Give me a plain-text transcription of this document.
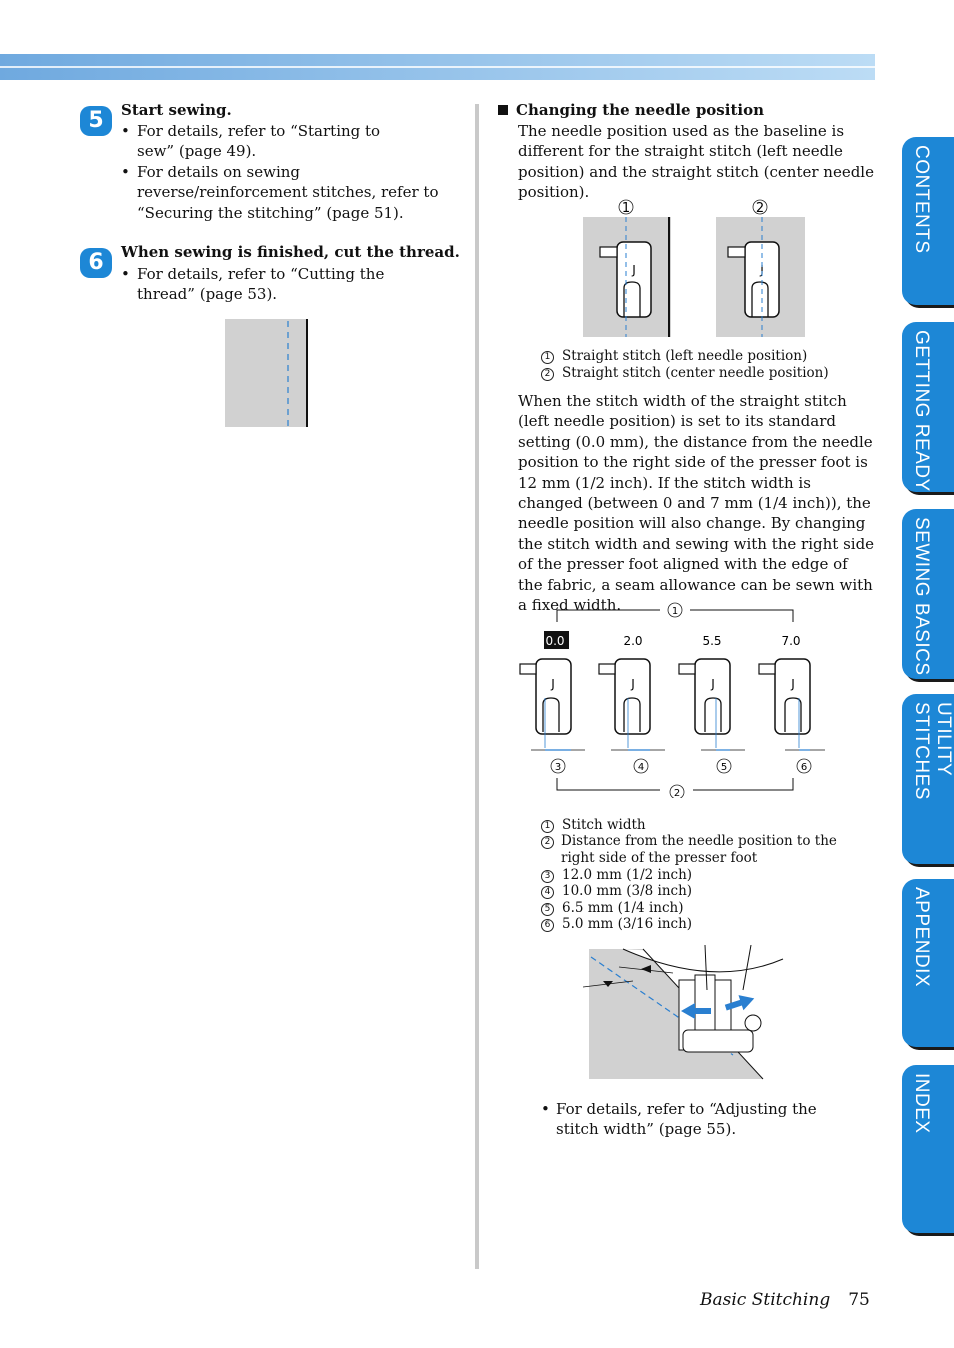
5	Start sewing.
• For details, refer to “Starting to sew” (page 49).
• For details on sewing reverse/reinforcement stitches, refer to “Securing the stitching” (page 51).
6	When sewing is finished, cut the thread.
• For details, refer to “Cutting the thread” (page 53).
Changing the needle position
The needle position used as the baseline is different for the straight stitch (left needle position) and the straight stitch (center needle position).
1
J
2
J
1 Straight stitch (left needle position)
2 Straight stitch (center needle position)
When the stitch width of the straight stitch (left needle position) is set to its standard setting (0.0 mm), the distance from the needle position to the right side of the presser foot is 12 mm (1/2 inch). If the stitch width is changed (between 0 and 7 mm (1/4 inch)), the needle position will also change. By changing the stitch width and sewing with the right side of the presser foot aligned with the edge of the fabric, a seam allowance can be sewn with a fixed width.	1
0.0	2.0	5.5	7.0
J	J	J	J
3	4	5	6
2
1 Stitch width
2 Distance from the needle position to the right side of the presser foot
3 12.0 mm (1/2 inch)
4 10.0 mm (3/8 inch)
5 6.5 mm (1/4 inch)
6 5.0 mm (3/16 inch)
• For details, refer to “Adjusting the stitch width” (page 55).
CONTENTS
GETTING READY
SEWING BASICS
UTILITY STITCHES
APPENDIX
INDEX
Basic Stitching 75
